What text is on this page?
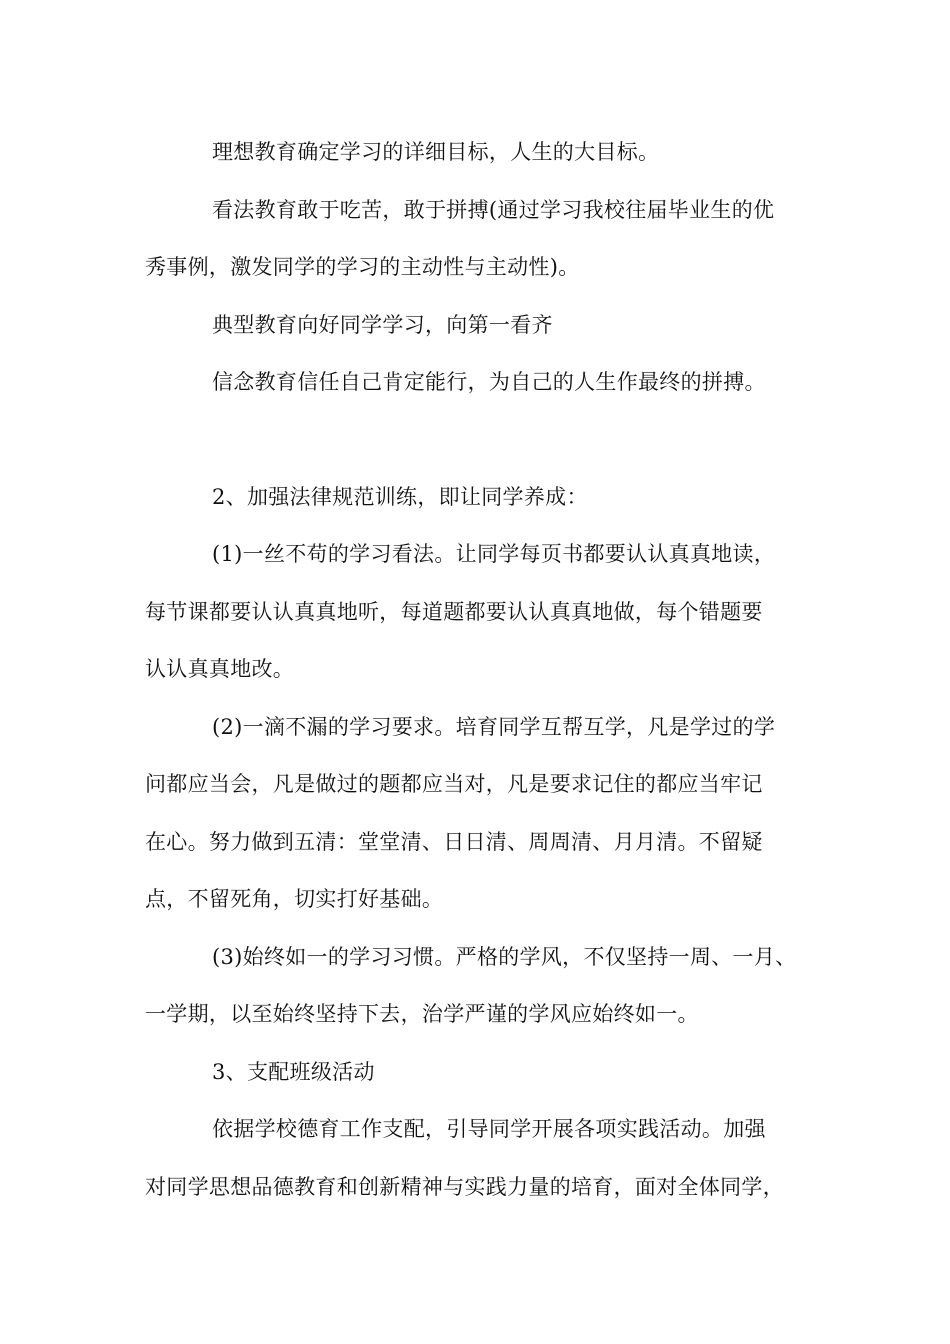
理想教育确定学习的详细目标，人生的大目标。
看法教育敢于吃苦，敢于拼搏(通过学习我校往届毕业生的优
秀事例，激发同学的学习的主动性与主动性)。
典型教育向好同学学习，向第一看齐
信念教育信任自己肯定能行，为自己的人生作最终的拼搏。
2、加强法律规范训练，即让同学养成：
(1)一丝不苟的学习看法。让同学每页书都要认认真真地读，
每节课都要认认真真地听，每道题都要认认真真地做，每个错题要
认认真真地改。
(2)一滴不漏的学习要求。培育同学互帮互学，凡是学过的学
问都应当会，凡是做过的题都应当对，凡是要求记住的都应当牢记
在心。努力做到五清：堂堂清、日日清、周周清、月月清。不留疑
点，不留死角，切实打好基础。
(3)始终如一的学习习惯。严格的学风，不仅坚持一周、一月、
一学期，以至始终坚持下去，治学严谨的学风应始终如一。
3、支配班级活动
依据学校德育工作支配，引导同学开展各项实践活动。加强
对同学思想品德教育和创新精神与实践力量的培育，面对全体同学，
